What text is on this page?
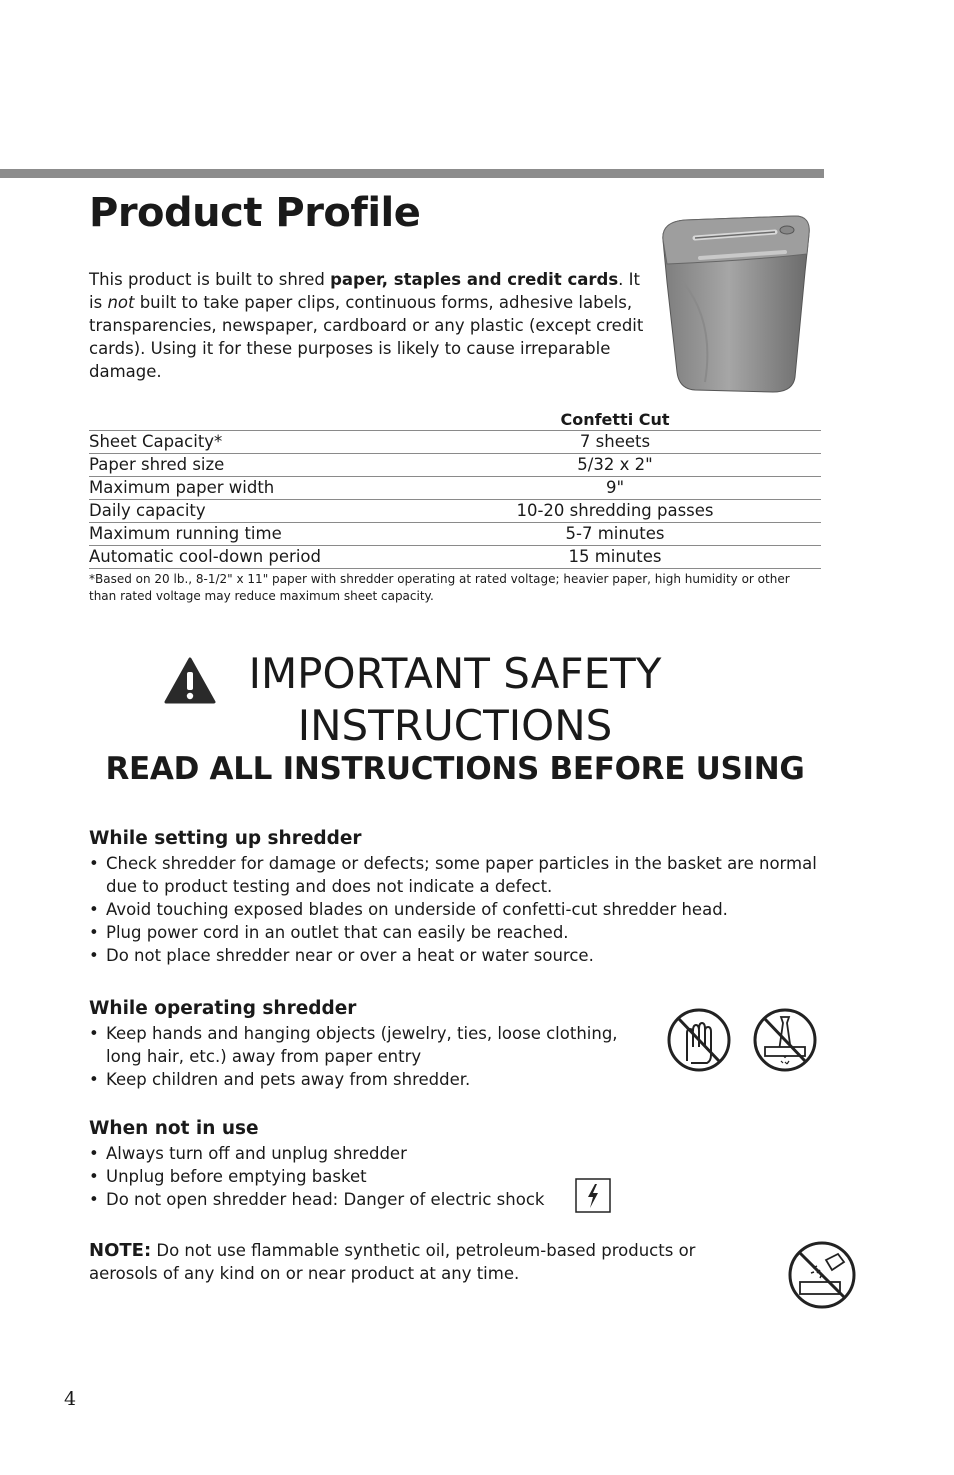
Product Profile

This product is built to shred paper, staples and credit cards. It is not built to take paper clips, continuous forms, adhesive labels, transparencies, newspaper, cardboard or any plastic (except credit cards). Using it for these purposes is likely to cause irreparable damage.

	Confetti Cut
Sheet Capacity*	7 sheets
Paper shred size	5/32 x 2"
Maximum paper width	9"
Daily capacity	10-20 shredding passes
Maximum running time	5-7 minutes
Automatic cool-down period	15 minutes

*Based on 20 lb., 8-1/2" x 11" paper with shredder operating at rated voltage; heavier paper, high humidity or other than rated voltage may reduce maximum sheet capacity.

IMPORTANT SAFETY
INSTRUCTIONS
READ ALL INSTRUCTIONS BEFORE USING
While setting up shredder
• Check shredder for damage or defects; some paper particles in the basket are normal due to product testing and does not indicate a defect.
• Avoid touching exposed blades on underside of confetti-cut shredder head.
• Plug power cord in an outlet that can easily be reached.
• Do not place shredder near or over a heat or water source.
While operating shredder
• Keep hands and hanging objects (jewelry, ties, loose clothing, long hair, etc.) away from paper entry
• Keep children and pets away from shredder.
When not in use
• Always turn off and unplug shredder
• Unplug before emptying basket
• Do not open shredder head: Danger of electric shock

NOTE: Do not use flammable synthetic oil, petroleum-based products or aerosols of any kind on or near product at any time.

4
